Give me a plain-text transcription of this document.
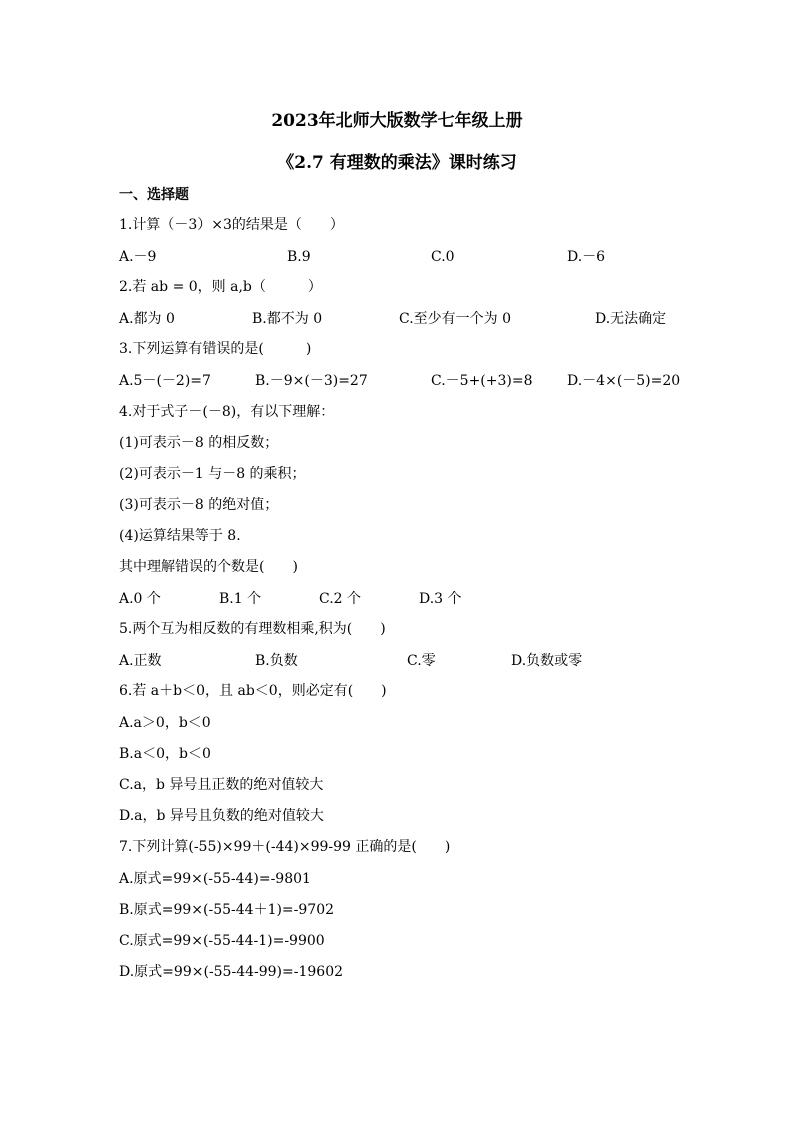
2023年北师大版数学七年级上册
《2.7 有理数的乘法》课时练习
一、选择题
1.计算（－3）×3的结果是（　　）
A.－9	B.9	C.0	D.－6
2.若 ab = 0，则 a,b（　　　）
A.都为 0	B.都不为 0	C.至少有一个为 0	D.无法确定
3.下列运算有错误的是(　　　)
A.5－(－2)=7	B.－9×(－3)=27	C.－5+(+3)=8 D.－4×(－5)=20
4.对于式子－(－8)，有以下理解：
(1)可表示－8 的相反数；
(2)可表示－1 与－8 的乘积；
(3)可表示－8 的绝对值；
(4)运算结果等于 8.
其中理解错误的个数是(　　)
A.0 个	B.1 个	C.2 个	D.3 个
5.两个互为相反数的有理数相乘,积为(　　)
A.正数	B.负数	C.零	D.负数或零
6.若 a＋b＜0，且 ab＜0，则必定有(　　)
A.a＞0，b＜0
B.a＜0，b＜0
C.a，b 异号且正数的绝对值较大
D.a，b 异号且负数的绝对值较大
7.下列计算(-55)×99＋(-44)×99-99 正确的是(　　)
A.原式=99×(-55-44)=-9801
B.原式=99×(-55-44＋1)=-9702
C.原式=99×(-55-44-1)=-9900
D.原式=99×(-55-44-99)=-19602
